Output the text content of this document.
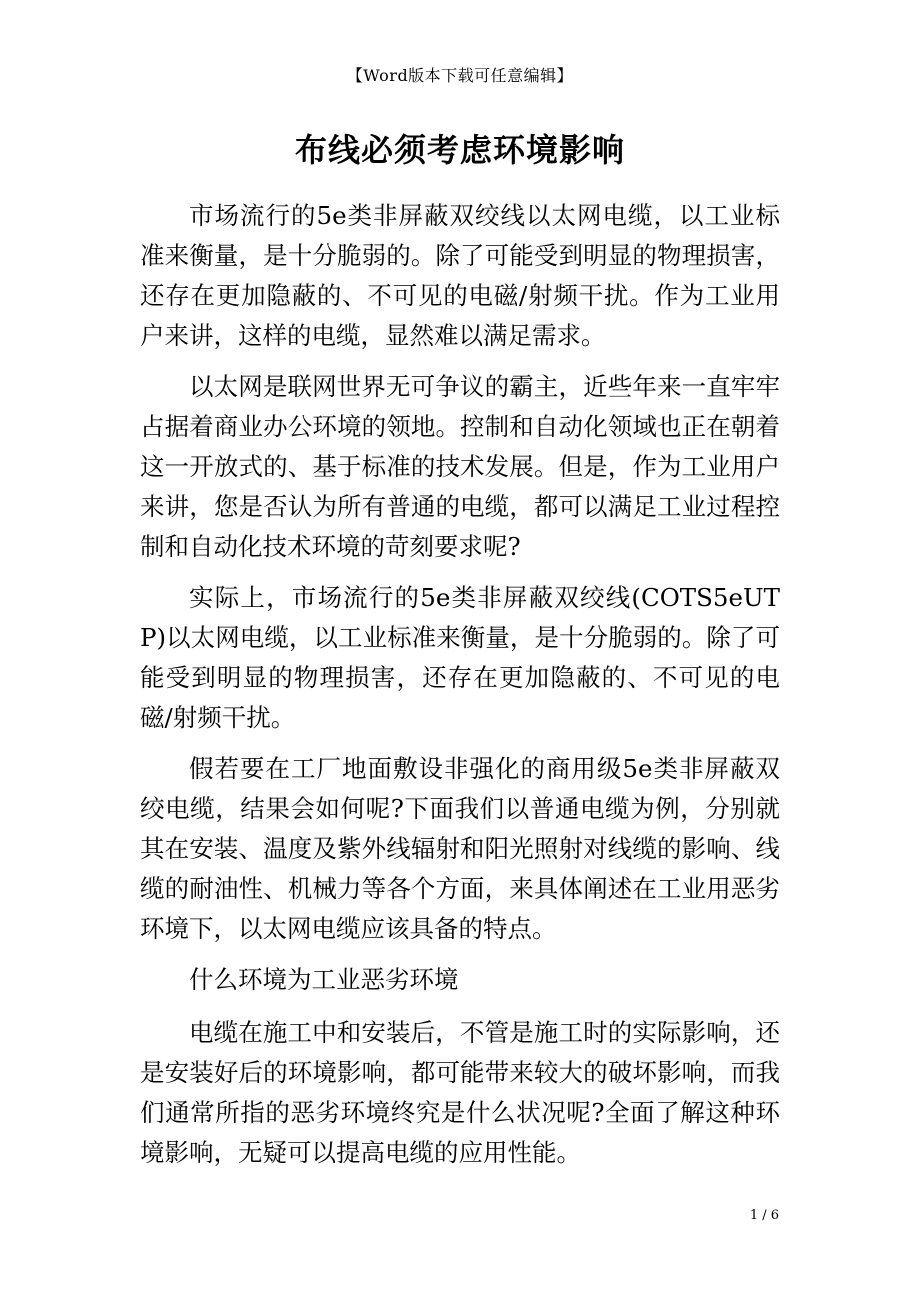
【Word版本下载可任意编辑】
布线必须考虑环境影响

市场流行的5e类非屏蔽双绞线以太网电缆，以工业标准来衡量，是十分脆弱的。除了可能受到明显的物理损害，还存在更加隐蔽的、不可见的电磁/射频干扰。作为工业用户来讲，这样的电缆，显然难以满足需求。

以太网是联网世界无可争议的霸主，近些年来一直牢牢占据着商业办公环境的领地。控制和自动化领域也正在朝着这一开放式的、基于标准的技术发展。但是，作为工业用户来讲，您是否认为所有普通的电缆，都可以满足工业过程控制和自动化技术环境的苛刻要求呢?

实际上，市场流行的5e类非屏蔽双绞线(COTS5eUTP)以太网电缆，以工业标准来衡量，是十分脆弱的。除了可能受到明显的物理损害，还存在更加隐蔽的、不可见的电磁/射频干扰。

假若要在工厂地面敷设非强化的商用级5e类非屏蔽双绞电缆，结果会如何呢?下面我们以普通电缆为例，分别就其在安装、温度及紫外线辐射和阳光照射对线缆的影响、线缆的耐油性、机械力等各个方面，来具体阐述在工业用恶劣环境下，以太网电缆应该具备的特点。

什么环境为工业恶劣环境

电缆在施工中和安装后，不管是施工时的实际影响，还是安装好后的环境影响，都可能带来较大的破坏影响，而我们通常所指的恶劣环境终究是什么状况呢?全面了解这种环境影响，无疑可以提高电缆的应用性能。

1 / 6
